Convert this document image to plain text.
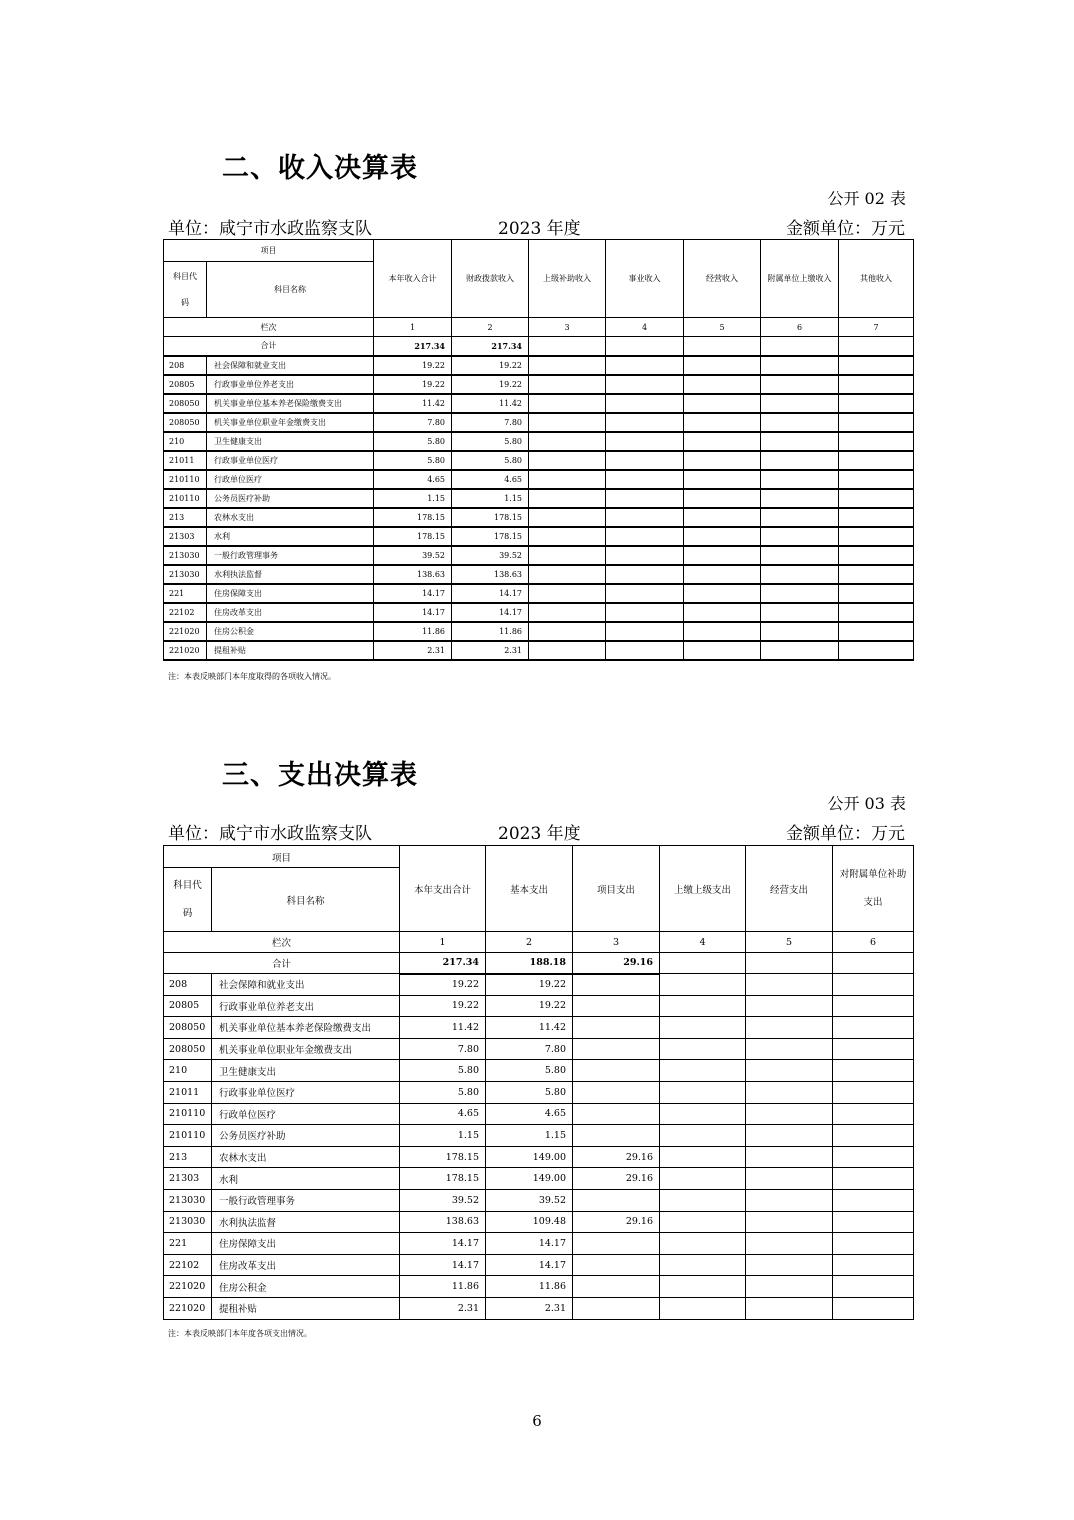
二、收入决算表
公开 02 表
单位：咸宁市水政监察支队	2023 年度	金额单位：万元
项目		本年收入合计	财政拨款收入	上级补助收入	事业收入	经营收入	附属单位上缴收入	其他收入
科目代码	科目名称							
栏次		1	2	3	4	5	6	7
合计		217.34	217.34					
208	社会保障和就业支出	19.22	19.22					
20805	行政事业单位养老支出	19.22	19.22					
208050	机关事业单位基本养老保险缴费支出	11.42	11.42					
208050	机关事业单位职业年金缴费支出	7.80	7.80					
210	卫生健康支出	5.80	5.80					
21011	行政事业单位医疗	5.80	5.80					
210110	行政单位医疗	4.65	4.65					
210110	公务员医疗补助	1.15	1.15					
213	农林水支出	178.15	178.15					
21303	水利	178.15	178.15					
213030	一般行政管理事务	39.52	39.52					
213030	水利执法监督	138.63	138.63					
221	住房保障支出	14.17	14.17					
22102	住房改革支出	14.17	14.17					
221020	住房公积金	11.86	11.86					
221020	提租补贴	2.31	2.31					
注：本表反映部门本年度取得的各项收入情况。
三、支出决算表
公开 03 表
单位：咸宁市水政监察支队	2023 年度	金额单位：万元
项目		本年支出合计	基本支出	项目支出	上缴上级支出	经营支出	对附属单位补助支出
科目代码	科目名称						
栏次		1	2	3	4	5	6
合计		217.34	188.18	29.16			
208	社会保障和就业支出	19.22	19.22				
20805	行政事业单位养老支出	19.22	19.22				
208050	机关事业单位基本养老保险缴费支出	11.42	11.42				
208050	机关事业单位职业年金缴费支出	7.80	7.80				
210	卫生健康支出	5.80	5.80				
21011	行政事业单位医疗	5.80	5.80				
210110	行政单位医疗	4.65	4.65				
210110	公务员医疗补助	1.15	1.15				
213	农林水支出	178.15	149.00	29.16			
21303	水利	178.15	149.00	29.16			
213030	一般行政管理事务	39.52	39.52				
213030	水利执法监督	138.63	109.48	29.16			
221	住房保障支出	14.17	14.17				
22102	住房改革支出	14.17	14.17				
221020	住房公积金	11.86	11.86				
221020	提租补贴	2.31	2.31				
注：本表反映部门本年度各项支出情况。
6
